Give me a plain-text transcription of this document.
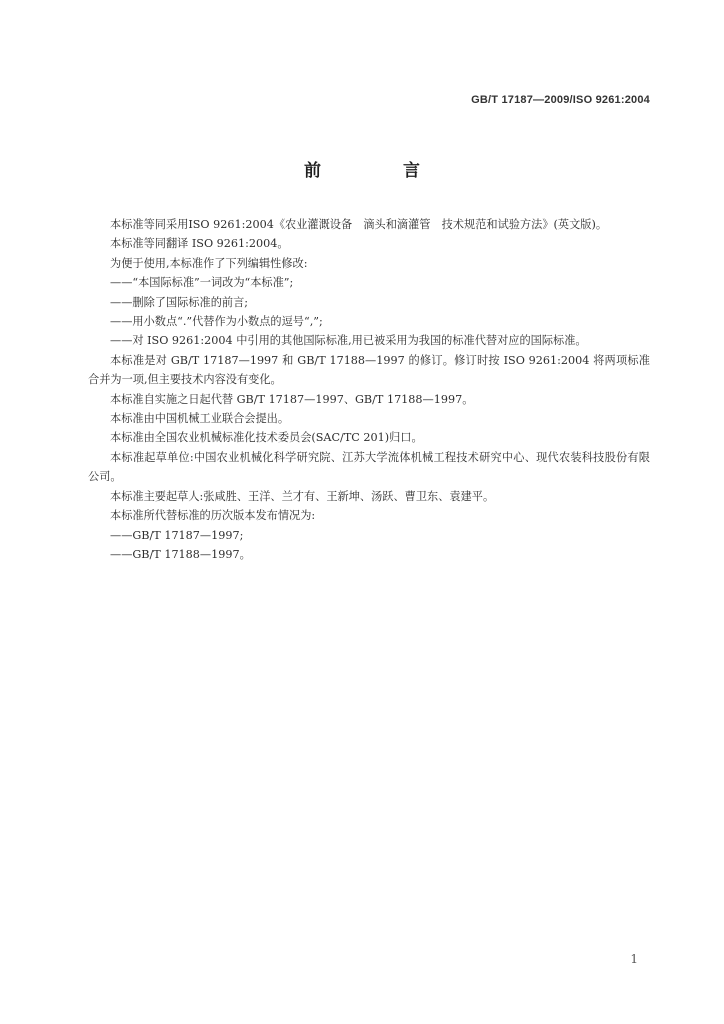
GB/T 17187—2009/ISO 9261:2004
前 言

本标准等同采用ISO 9261:2004《农业灌溉设备　滴头和滴灌管　技术规范和试验方法》(英文版)。

本标准等同翻译 ISO 9261:2004。

为便于使用,本标准作了下列编辑性修改:

——“本国际标准”一词改为“本标准”;

——删除了国际标准的前言;

——用小数点“.”代替作为小数点的逗号“,”;

——对 ISO 9261:2004 中引用的其他国际标准,用已被采用为我国的标准代替对应的国际标准。

本标准是对 GB/T 17187—1997 和 GB/T 17188—1997 的修订。修订时按 ISO 9261:2004 将两项标准合并为一项,但主要技术内容没有变化。

本标准自实施之日起代替 GB/T 17187—1997、GB/T 17188—1997。

本标准由中国机械工业联合会提出。

本标准由全国农业机械标准化技术委员会(SAC/TC 201)归口。

本标准起草单位:中国农业机械化科学研究院、江苏大学流体机械工程技术研究中心、现代农装科技股份有限公司。

本标准主要起草人:张咸胜、王洋、兰才有、王新坤、汤跃、曹卫东、袁建平。

本标准所代替标准的历次版本发布情况为:

——GB/T 17187—1997;

——GB/T 17188—1997。

1
